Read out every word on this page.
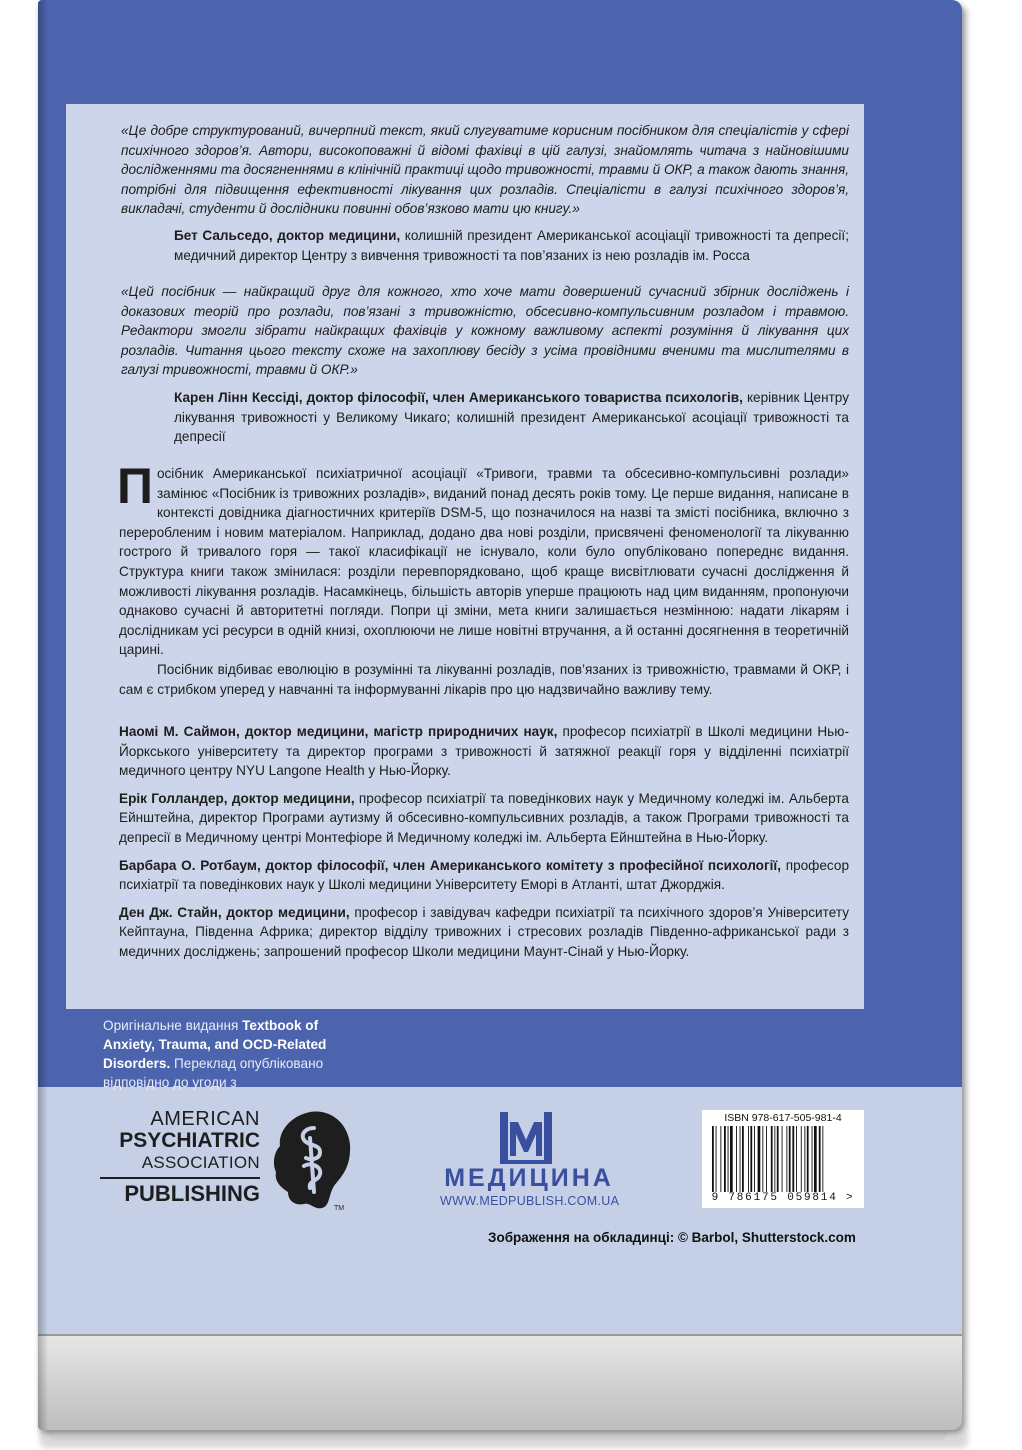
«Це добре структурований, вичерпний текст, який слугуватиме корисним посібником для спеціалістів у сфері психічного здоров’я. Автори, високоповажні й відомі фахівці в цій галузі, знайомлять читача з найновішими дослідженнями та досягненнями в клінічній практиці щодо тривожності, травми й ОКР, а також дають знання, потрібні для підвищення ефективності лікування цих розладів. Спеціалісти в галузі психічного здоров’я, викладачі, студенти й дослідники повинні обов’язково мати цю книгу.»
Бет Сальседо, доктор медицини, колишній президент Американської асоціації тривожності та депресії; медичний директор Центру з вивчення тривожності та пов’язаних із нею розладів ім. Росса
«Цей посібник — найкращий друг для кожного, хто хоче мати довершений сучасний збірник досліджень і доказових теорій про розлади, пов’язані з тривожністю, обсесивно-компульсивним розладом і травмою. Редактори змогли зібрати найкращих фахівців у кожному важливому аспекті розуміння й лікування цих розладів. Читання цього тексту схоже на захоплюву бесіду з усіма провідними вченими та мислителями в галузі тривожності, травми й ОКР.»
Карен Лінн Кессіді, доктор філософії, член Американського товариства психологів, керівник Центру лікування тривожності у Великому Чикаго; колишній президент Американської асоціації тривожності та депресії
Посібник Американської психіатричної асоціації «Тривоги, травми та обсесивно-компульсивні розлади» замінює «Посібник із тривожних розладів», виданий понад десять років тому. Це перше видання, написане в контексті довідника діагностичних критеріїв DSM-5, що позначилося на назві та змісті посібника, включно з переробленим і новим матеріалом. Наприклад, додано два нові розділи, присвячені феноменології та лікуванню гострого й тривалого горя — такої класифікації не існувало, коли було опубліковано попереднє видання. Структура книги також змінилася: розділи перевпорядковано, щоб краще висвітлювати сучасні дослідження й можливості лікування розладів. Насамкінець, більшість авторів уперше працюють над цим виданням, пропонуючи однаково сучасні й авторитетні погляди. Попри ці зміни, мета книги залишається незмінною: надати лікарям і дослідникам усі ресурси в одній книзі, охоплюючи не лише новітні втручання, а й останні досягнення в теоретичній царині.
Посібник відбиває еволюцію в розумінні та лікуванні розладів, пов’язаних із тривожністю, травмами й ОКР, і сам є стрибком уперед у навчанні та інформуванні лікарів про цю надзвичайно важливу тему.
Наомі М. Саймон, доктор медицини, магістр природничих наук, професор психіатрії в Школі медицини Нью-Йоркського університету та директор програми з тривожності й затяжної реакції горя у відділенні психіатрії медичного центру NYU Langone Health у Нью-Йорку.
Ерік Голландер, доктор медицини, професор психіатрії та поведінкових наук у Медичному коледжі ім. Альберта Ейнштейна, директор Програми аутизму й обсесивно-компульсивних розладів, а також Програми тривожності та депресії в Медичному центрі Монтефіоре й Медичному коледжі ім. Альберта Ейнштейна в Нью-Йорку.
Барбара О. Ротбаум, доктор філософії, член Американського комітету з професійної психології, професор психіатрії та поведінкових наук у Школі медицини Університету Еморі в Атланті, штат Джорджія.
Ден Дж. Стайн, доктор медицини, професор і завідувач кафедри психіатрії та психічного здоров’я Університету Кейптауна, Південна Африка; директор відділу тривожних і стресових розладів Південно-африканської ради з медичних досліджень; запрошений професор Школи медицини Маунт-Сінай у Нью-Йорку.
Оригінальне видання Textbook of Anxiety, Trauma, and OCD-Related Disorders. Переклад опубліковано відповідно до угоди з
AMERICAN
PSYCHIATRIC
ASSOCIATION
PUBLISHING
TM
МЕДИЦИНА
WWW.MEDPUBLISH.COM.UA
ISBN 978-617-505-981-4
9 786175 059814 >
Зображення на обкладинці: © Barbol, Shutterstock.com
